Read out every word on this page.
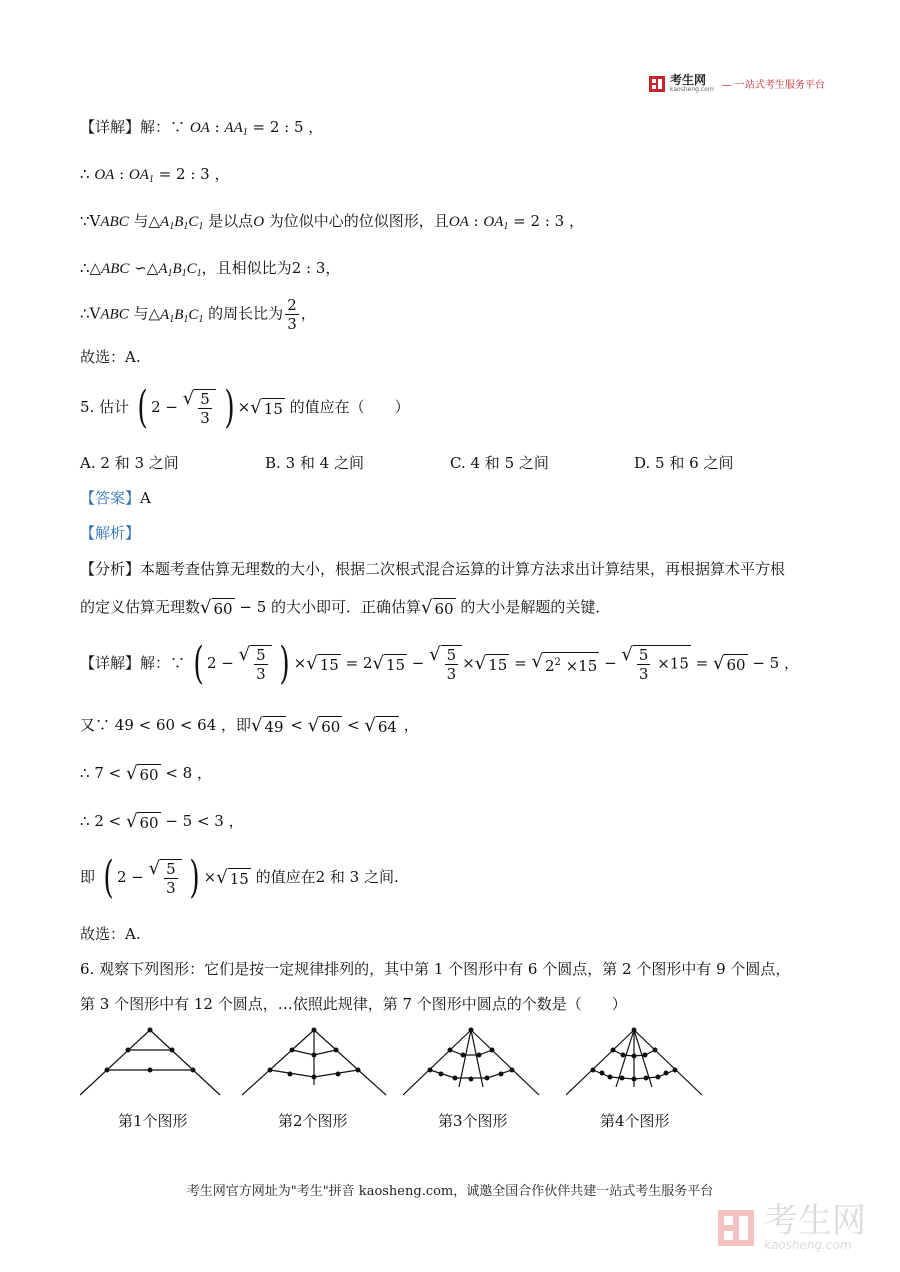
考生网
kaosheng.com — 一站式考生服务平台
【详解】解：∵ OA : $AA_1 = 2$ : 5 ，
∴ OA : $OA_1 = 2$ : 3 ，
∵VABC 与$\triangle A_1B_1C_1$ 是以点O 为位似中心的位似图形，且OA : $OA_1 = 2$ : 3 ，
∴△ABC $∽\triangle A_1B_1C_1$，且相似比为2 : 3，
∴VABC 与$\triangle A_1B_1C_1$ 的周长比为 $\frac{2}{3}$ ，
故选：A.
5. 估计 ( 2 − √ $\frac{5}{3}$ ) × √ 15 的值应在（　　）
A. 2 和 3 之间	B. 3 和 4 之间	C. 4 和 5 之间	D. 5 和 6 之间
【答案】A
【解析】
【分析】本题考查估算无理数的大小，根据二次根式混合运算的计算方法求出计算结果，再根据算术平方根
的定义估算无理数 √ 60 − 5 的大小即可．正确估算 √ 60 的大小是解题的关键．
【详解】解：∵ ( 2 − √ $\frac{5}{3}$ ) × √ 15 = 2 √ 15 − √ $\frac{5}{3}$ × √ 15 = √ $2^2 \times 15$ − √ $\frac{5}{3} \times 15$ = √ 60 − 5 ，
又∵ 49 < 60 < 64 ，即 √ 49 < √ 60 < √ 64 ，
∴ 7 < √ 60 < 8 ，
∴ 2 < √ 60 − 5 < 3 ，
即 ( 2 − √ $\frac{5}{3}$ ) × √ 15 的值应在2 和 3 之间.
故选：A.
6. 观察下列图形：它们是按一定规律排列的，其中第 1 个图形中有 6 个圆点，第 2 个图形中有 9 个圆点，
第 3 个图形中有 12 个圆点，…依照此规律，第 7 个图形中圆点的个数是（　　）
第1个图形	第2个图形	第3个图形	第4个图形
考生网官方网址为"考生"拼音 kaosheng.com，诚邀全国合作伙伴共建一站式考生服务平台
考生网
kaosheng.com
